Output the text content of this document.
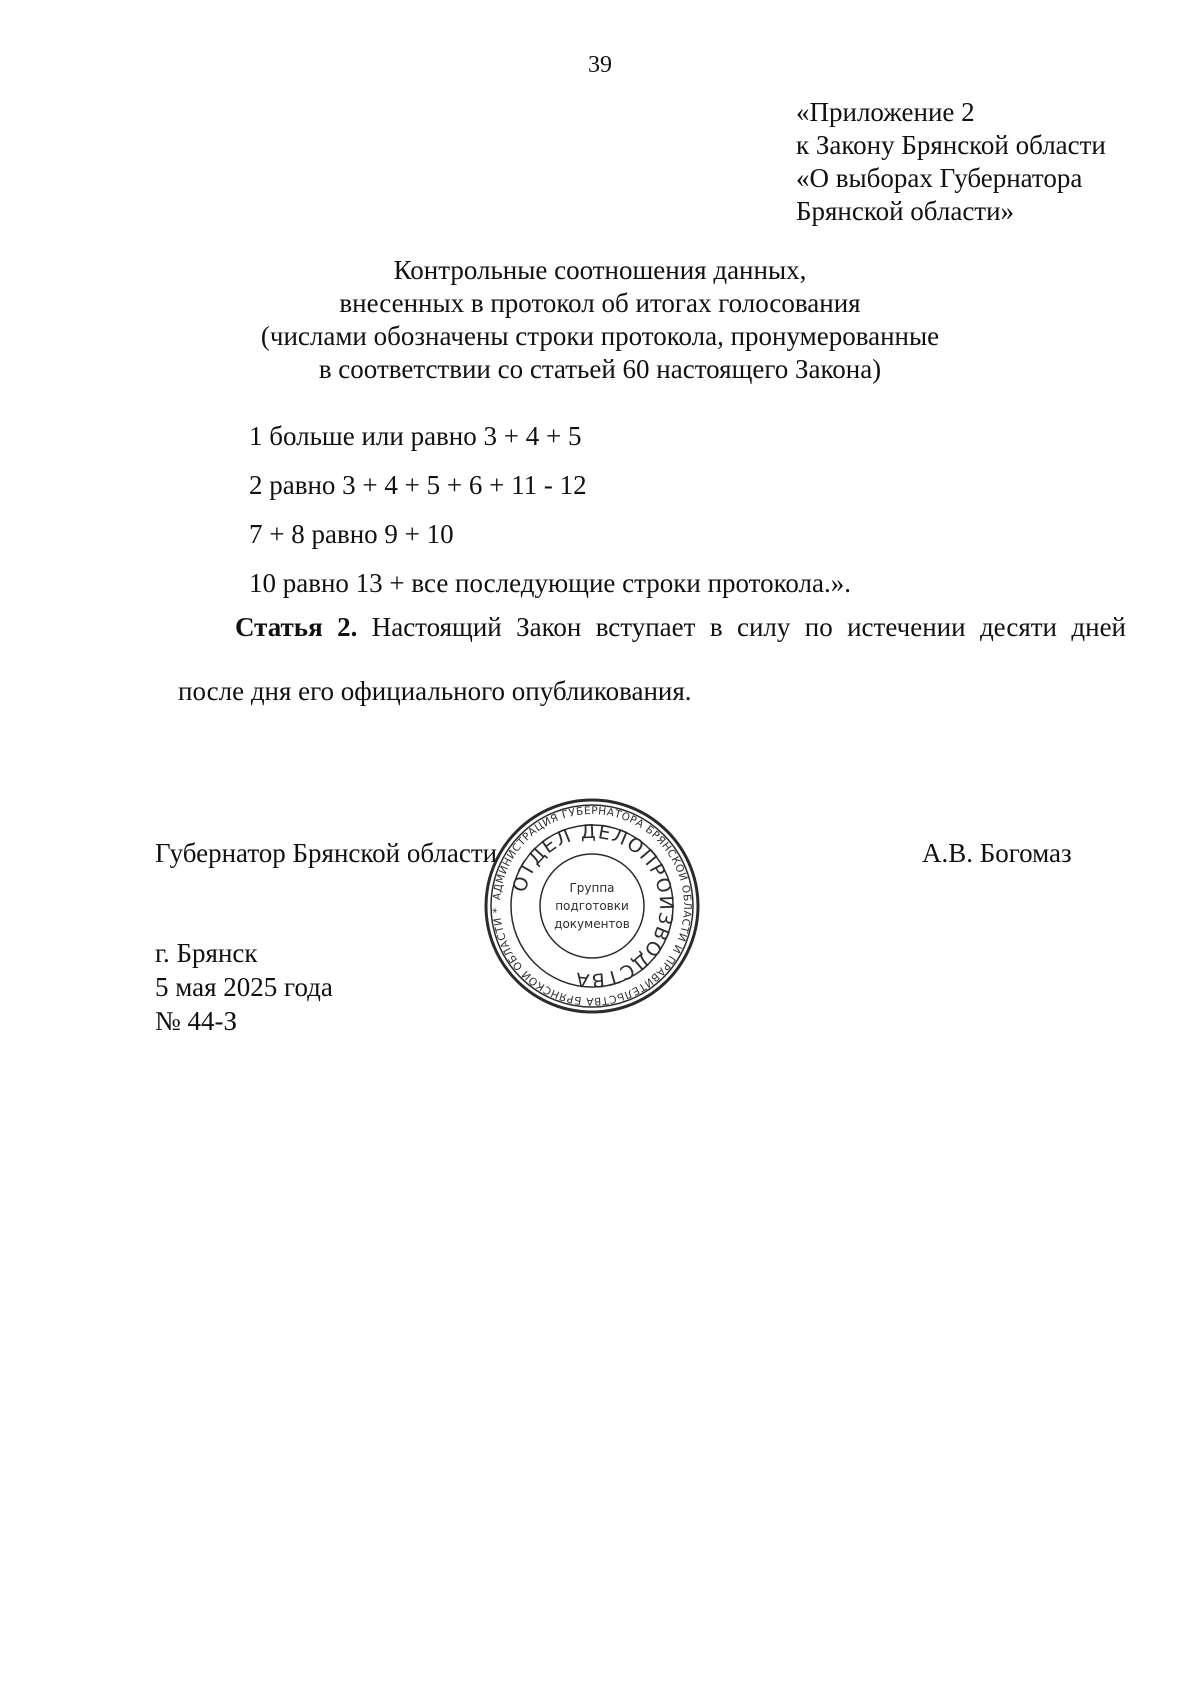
39
«Приложение 2
к Закону Брянской области
«О выборах Губернатора
Брянской области»
Контрольные соотношения данных,
внесенных в протокол об итогах голосования
(числами обозначены строки протокола, пронумерованные
в соответствии со статьей 60 настоящего Закона)
1 больше или равно 3 + 4 + 5
2 равно 3 + 4 + 5 + 6 + 11 - 12
7 + 8 равно 9 + 10
10 равно 13 + все последующие строки протокола.».
Статья 2. Настоящий Закон вступает в силу по истечении десяти дней
после дня его официального опубликования.
Губернатор Брянской области	А.В. Богомаз
г. Брянск
5 мая 2025 года
№ 44-З
АДМИНИСТРАЦИЯ ГУБЕРНАТОРА БРЯНСКОЙ ОБЛАСТИ И ПРАВИТЕЛЬСТВА БРЯНСКОЙ ОБЛАСТИ *
ОТДЕЛ ДЕЛОПРОИЗВОДСТВА
Группа
подготовки
документов
